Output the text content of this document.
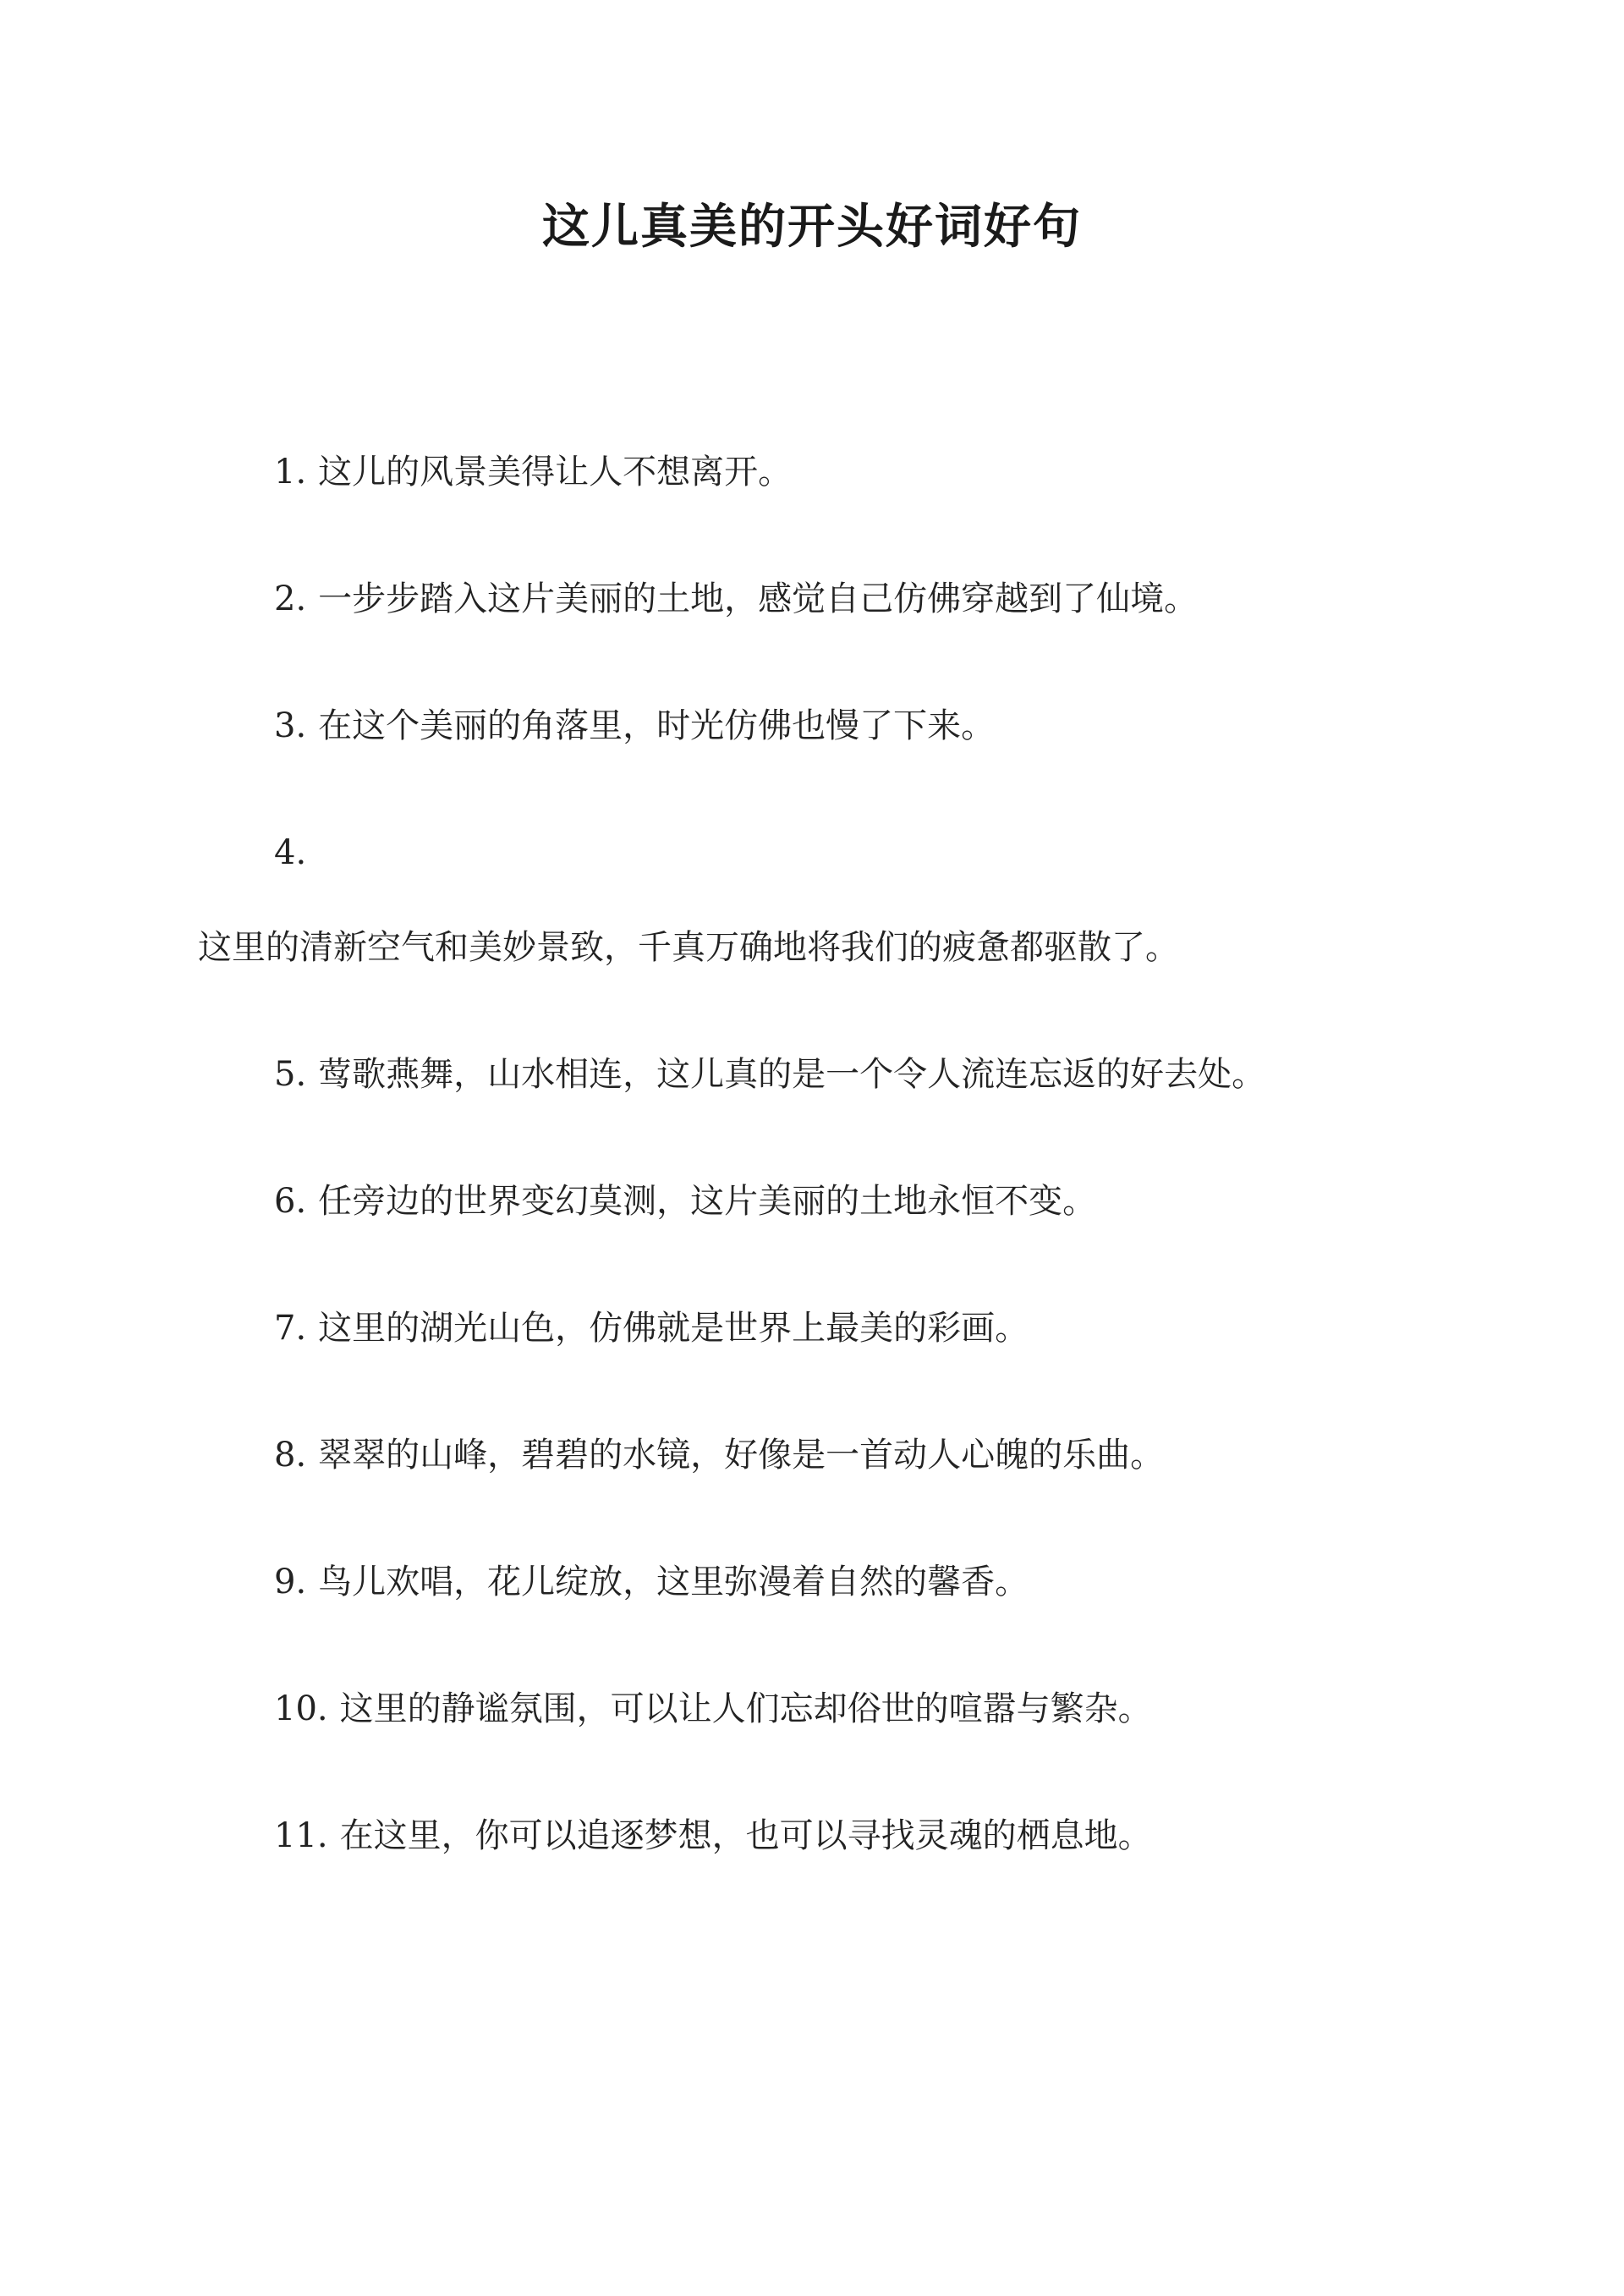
这儿真美的开头好词好句
1. 这儿的风景美得让人不想离开。
2. 一步步踏入这片美丽的土地，感觉自己仿佛穿越到了仙境。
3. 在这个美丽的角落里，时光仿佛也慢了下来。
4.
这里的清新空气和美妙景致，千真万确地将我们的疲惫都驱散了。
5. 莺歌燕舞，山水相连，这儿真的是一个令人流连忘返的好去处。
6. 任旁边的世界变幻莫测，这片美丽的土地永恒不变。
7. 这里的湖光山色，仿佛就是世界上最美的彩画。
8. 翠翠的山峰，碧碧的水镜，好像是一首动人心魄的乐曲。
9. 鸟儿欢唱，花儿绽放，这里弥漫着自然的馨香。
10. 这里的静谧氛围，可以让人们忘却俗世的喧嚣与繁杂。
11. 在这里，你可以追逐梦想，也可以寻找灵魂的栖息地。
